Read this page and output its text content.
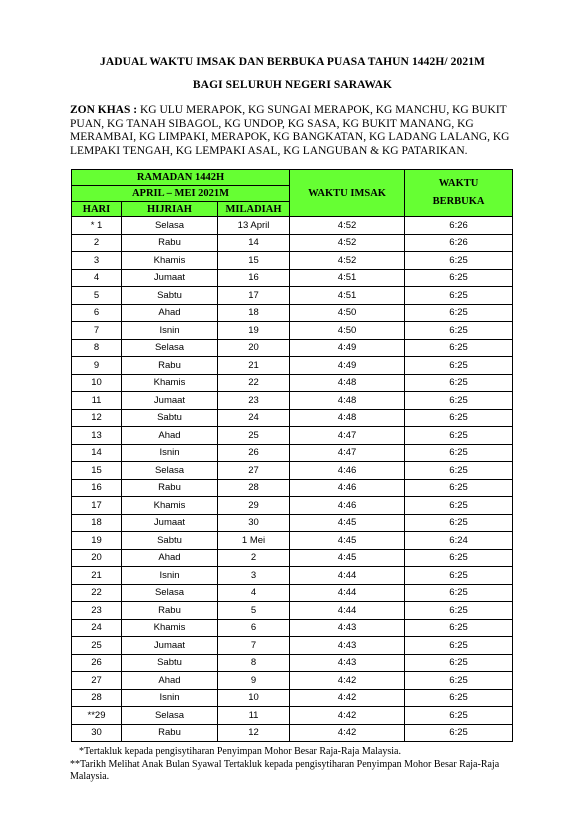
JADUAL WAKTU IMSAK DAN BERBUKA PUASA TAHUN 1442H/ 2021M
BAGI SELURUH NEGERI SARAWAK
ZON KHAS : KG ULU MERAPOK, KG SUNGAI MERAPOK, KG MANCHU, KG BUKIT PUAN, KG TANAH SIBAGOL, KG UNDOP, KG SASA, KG BUKIT MANANG, KG MERAMBAI, KG LIMPAKI, MERAPOK, KG BANGKATAN, KG LADANG LALANG, KG LEMPAKI TENGAH, KG LEMPAKI ASAL, KG LANGUBAN & KG PATARIKAN.
RAMADAN 1442H			WAKTU IMSAK	WAKTU
BERBUKA

APRIL – MEI 2021M				
HARI	HIJRIAH	MILADIAH		
* 1	Selasa	13 April	4:52	6:26
2	Rabu	14	4:52	6:26
3	Khamis	15	4:52	6:25
4	Jumaat	16	4:51	6:25
5	Sabtu	17	4:51	6:25
6	Ahad	18	4:50	6:25
7	Isnin	19	4:50	6:25
8	Selasa	20	4:49	6:25
9	Rabu	21	4:49	6:25
10	Khamis	22	4:48	6:25
11	Jumaat	23	4:48	6:25
12	Sabtu	24	4:48	6:25
13	Ahad	25	4:47	6:25
14	Isnin	26	4:47	6:25
15	Selasa	27	4:46	6:25
16	Rabu	28	4:46	6:25
17	Khamis	29	4:46	6:25
18	Jumaat	30	4:45	6:25
19	Sabtu	1 Mei	4:45	6:24
20	Ahad	2	4:45	6:25
21	Isnin	3	4:44	6:25
22	Selasa	4	4:44	6:25
23	Rabu	5	4:44	6:25
24	Khamis	6	4:43	6:25
25	Jumaat	7	4:43	6:25
26	Sabtu	8	4:43	6:25
27	Ahad	9	4:42	6:25
28	Isnin	10	4:42	6:25
**29	Selasa	11	4:42	6:25
30	Rabu	12	4:42	6:25

*Tertakluk kepada pengisytiharan Penyimpan Mohor Besar Raja-Raja Malaysia.

**Tarikh Melihat Anak Bulan Syawal Tertakluk kepada pengisytiharan Penyimpan Mohor Besar Raja-Raja Malaysia.
